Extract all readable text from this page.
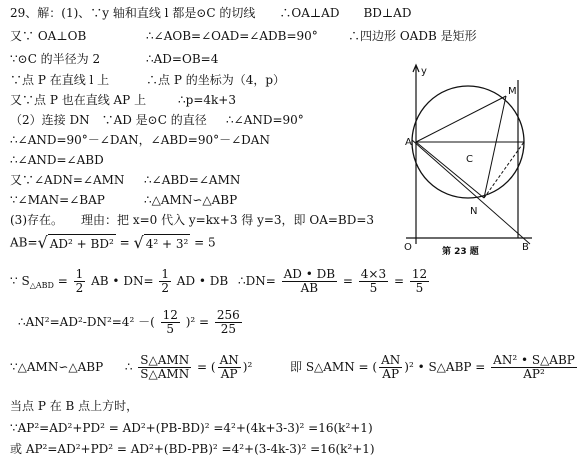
29、解：(1)、∵y 轴和直线 l 都是⊙C 的切线　　∴OA⊥AD　　BD⊥AD
又∵ OA⊥OB	∴∠AOB=∠OAD=∠ADB=90°	∴四边形 OADB 是矩形
∵⊙C 的半径为 2	∴AD=OB=4
∵点 P 在直线 l 上	∴点 P 的坐标为（4，p）
又∵点 P 也在直线 AP 上	∴p=4k+3
（2）连接 DN　∵AD 是⊙C 的直径 ∴∠AND=90°
∴∠AND=90°－∠DAN，∠ABD=90°－∠DAN
∴∠AND=∠ABD
又∵∠ADN=∠AMN ∴∠ABD=∠AMN
∵∠MAN=∠BAP	∴△AMN∽△ABP
(3)存在。　　理由：把 x=0 代入 y=kx+3 得 y=3，即 OA=BD=3
AB= √ AD² + BD² = √ 4² + 3² = 5
∵ $S_{\triangle ABD} = \frac{1}{2}$ AB • $DN= \frac{1}{2}$ AD • DB ∴DN= $\frac{AD • DB}{AB} = \frac{4\times 3}{5} = \frac{12}{5}$
∴AN²=AD²-DN²=4² －( $\frac{12}{5} )^2 = \frac{256}{25}$
∵△AMN∽△ABP ∴ $\frac{\text{S△AMN}}{\text{S△AMN}}$ = ( $\frac{AN}{AP} )^2$	即 S△AMN = ( $\frac{AN}{AP} )^2$ • S△ABP = $\frac{\text{AN² • S△ABP}}{\text{AP²}}$
当点 P 在 B 点上方时，
∵AP²=AD²+PD² = AD²+(PB-BD)² =4²+(4k+3-3)² =16(k²+1)
或 AP²=AD²+PD² = AD²+(BD-PB)² =4²+(3-4k-3)² =16(k²+1)
y
M
A
C
N
O	B
第 23 题
